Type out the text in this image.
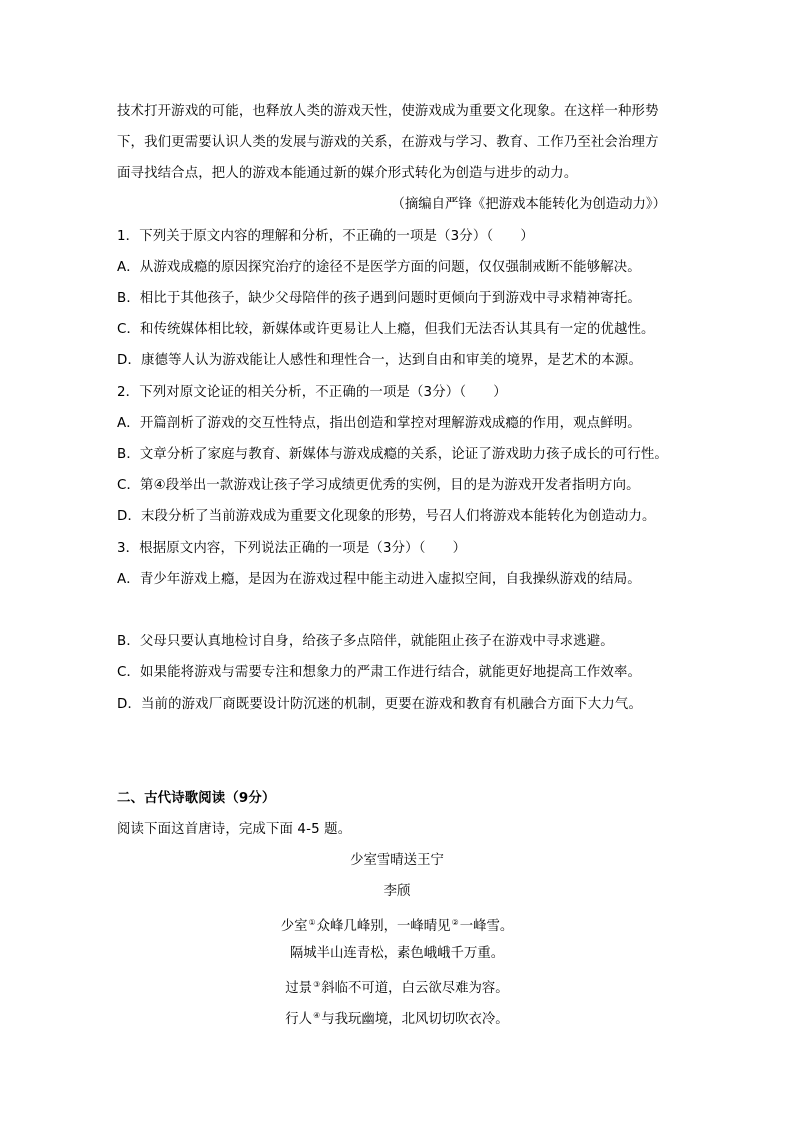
技术打开游戏的可能，也释放人类的游戏天性，使游戏成为重要文化现象。在这样一种形势
下，我们更需要认识人类的发展与游戏的关系，在游戏与学习、教育、工作乃至社会治理方
面寻找结合点，把人的游戏本能通过新的媒介形式转化为创造与进步的动力。
（摘编自严锋《把游戏本能转化为创造动力》）
1．下列关于原文内容的理解和分析，不正确的一项是（3分）（　　）
A．从游戏成瘾的原因探究治疗的途径不是医学方面的问题，仅仅强制戒断不能够解决。
B．相比于其他孩子，缺少父母陪伴的孩子遇到问题时更倾向于到游戏中寻求精神寄托。
C．和传统媒体相比较，新媒体或许更易让人上瘾，但我们无法否认其具有一定的优越性。
D．康德等人认为游戏能让人感性和理性合一，达到自由和审美的境界，是艺术的本源。
2．下列对原文论证的相关分析，不正确的一项是（3分）（　　）
A．开篇剖析了游戏的交互性特点，指出创造和掌控对理解游戏成瘾的作用，观点鲜明。
B．文章分析了家庭与教育、新媒体与游戏成瘾的关系，论证了游戏助力孩子成长的可行性。
C．第④段举出一款游戏让孩子学习成绩更优秀的实例，目的是为游戏开发者指明方向。
D．末段分析了当前游戏成为重要文化现象的形势，号召人们将游戏本能转化为创造动力。
3．根据原文内容，下列说法正确的一项是（3分）（　　）
A．青少年游戏上瘾，是因为在游戏过程中能主动进入虚拟空间，自我操纵游戏的结局。
B．父母只要认真地检讨自身，给孩子多点陪伴，就能阻止孩子在游戏中寻求逃避。
C．如果能将游戏与需要专注和想象力的严肃工作进行结合，就能更好地提高工作效率。
D．当前的游戏厂商既要设计防沉迷的机制，更要在游戏和教育有机融合方面下大力气。
二、古代诗歌阅读（9分）
阅读下面这首唐诗，完成下面 4-5 题。
少室雪晴送王宁
李颀
少室①众峰几峰别，一峰晴见②一峰雪。
隔城半山连青松，素色峨峨千万重。
过景③斜临不可道，白云欲尽难为容。
行人④与我玩幽境，北风切切吹衣冷。
